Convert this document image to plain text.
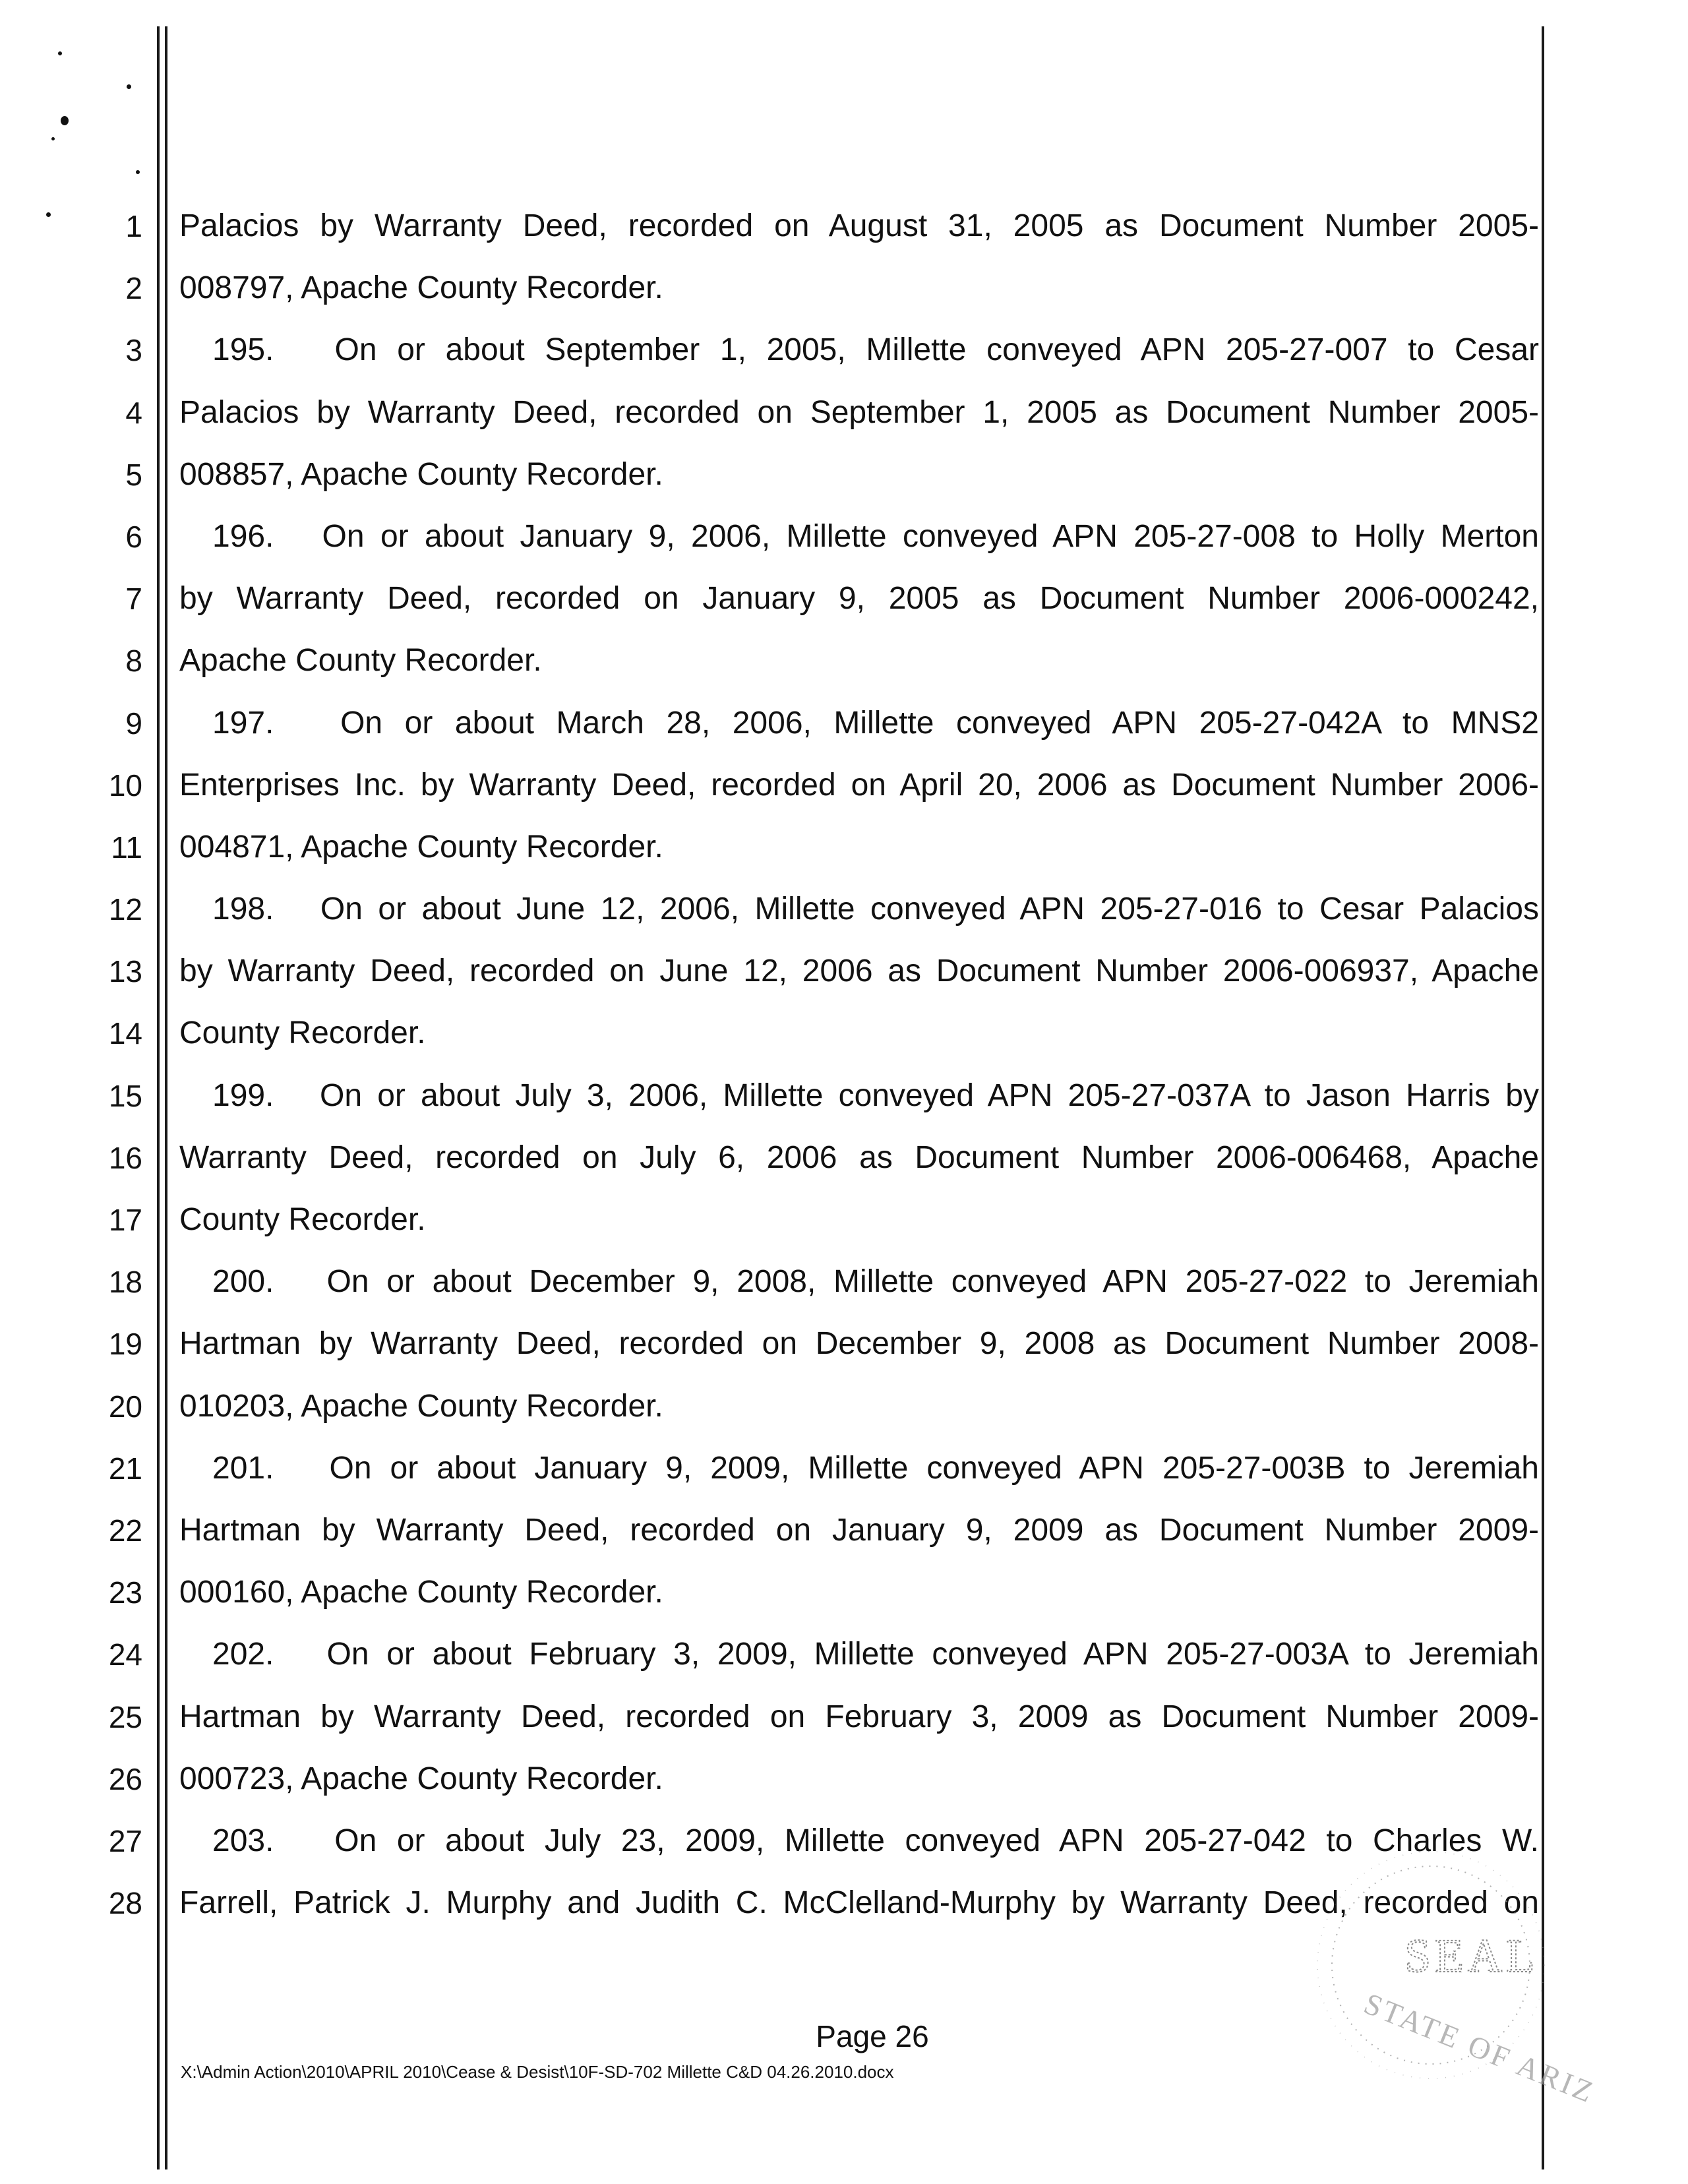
1
2
3
4
5
6
7
8
9
10
11
12
13
14
15
16
17
18
19
20
21
22
23
24
25
26
27
28
Palacios by Warranty Deed, recorded on August 31, 2005 as Document Number 2005-
008797, Apache County Recorder.
195.   On or about September 1, 2005, Millette conveyed APN 205-27-007 to Cesar
Palacios by Warranty Deed, recorded on September 1, 2005 as Document Number 2005-
008857, Apache County Recorder.
196.   On or about January 9, 2006, Millette conveyed APN 205-27-008 to Holly Merton
by Warranty Deed, recorded on January 9, 2005 as Document Number 2006-000242,
Apache County Recorder.
197.   On or about March 28, 2006, Millette conveyed APN 205-27-042A to MNS2
Enterprises Inc. by Warranty Deed, recorded on April 20, 2006 as Document Number 2006-
004871, Apache County Recorder.
198.   On or about June 12, 2006, Millette conveyed APN 205-27-016 to Cesar Palacios
by Warranty Deed, recorded on June 12, 2006 as Document Number 2006-006937, Apache
County Recorder.
199.   On or about July 3, 2006, Millette conveyed APN 205-27-037A to Jason Harris by
Warranty Deed, recorded on July 6, 2006 as Document Number 2006-006468, Apache
County Recorder.
200.   On or about December 9, 2008, Millette conveyed APN 205-27-022 to Jeremiah
Hartman by Warranty Deed, recorded on December 9, 2008 as Document Number 2008-
010203, Apache County Recorder.
201.   On or about January 9, 2009, Millette conveyed APN 205-27-003B to Jeremiah
Hartman by Warranty Deed, recorded on January 9, 2009 as Document Number 2009-
000160, Apache County Recorder.
202.   On or about February 3, 2009, Millette conveyed APN 205-27-003A to Jeremiah
Hartman by Warranty Deed, recorded on February 3, 2009 as Document Number 2009-
000723, Apache County Recorder.
203.   On or about July 23, 2009, Millette conveyed APN 205-27-042 to Charles W.
Farrell, Patrick J. Murphy and Judith C. McClelland-Murphy by Warranty Deed, recorded on
Page 26
X:\Admin Action\2010\APRIL 2010\Cease & Desist\10F-SD-702 Millette C&D 04.26.2010.docx
SEAL
STATE OF ARIZ
